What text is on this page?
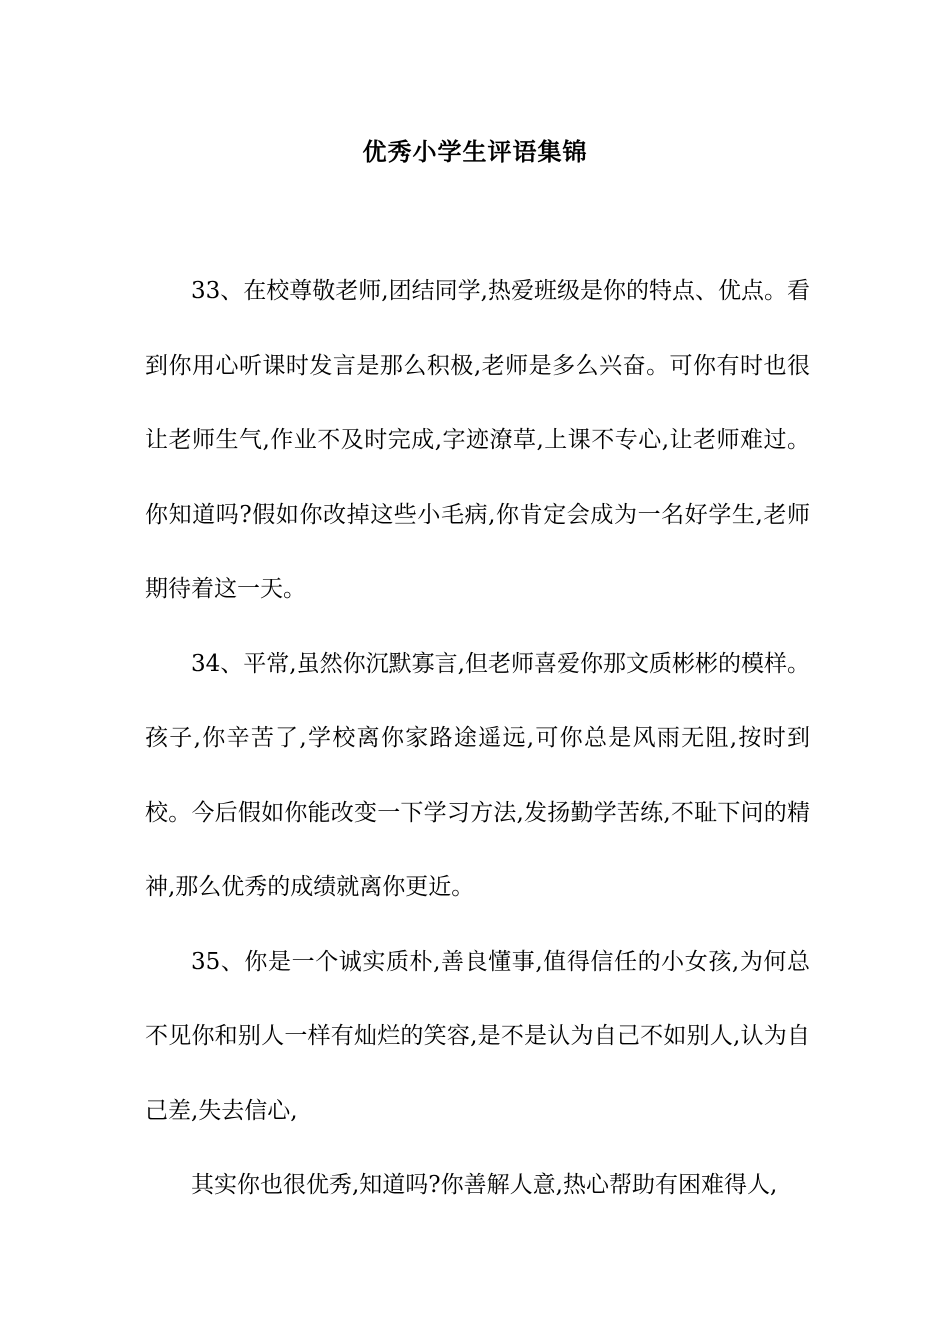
优秀小学生评语集锦

33、在校尊敬老师,团结同学,热爱班级是你的特点、优点。看到你用心听课时发言是那么积极,老师是多么兴奋。可你有时也很让老师生气,作业不及时完成,字迹潦草,上课不专心,让老师难过。你知道吗?假如你改掉这些小毛病,你肯定会成为一名好学生,老师期待着这一天。

34、平常,虽然你沉默寡言,但老师喜爱你那文质彬彬的模样。孩子,你辛苦了,学校离你家路途遥远,可你总是风雨无阻,按时到校。今后假如你能改变一下学习方法,发扬勤学苦练,不耻下问的精神,那么优秀的成绩就离你更近。

35、你是一个诚实质朴,善良懂事,值得信任的小女孩,为何总不见你和别人一样有灿烂的笑容,是不是认为自己不如别人,认为自己差,失去信心,

其实你也很优秀,知道吗?你善解人意,热心帮助有困难得人,
